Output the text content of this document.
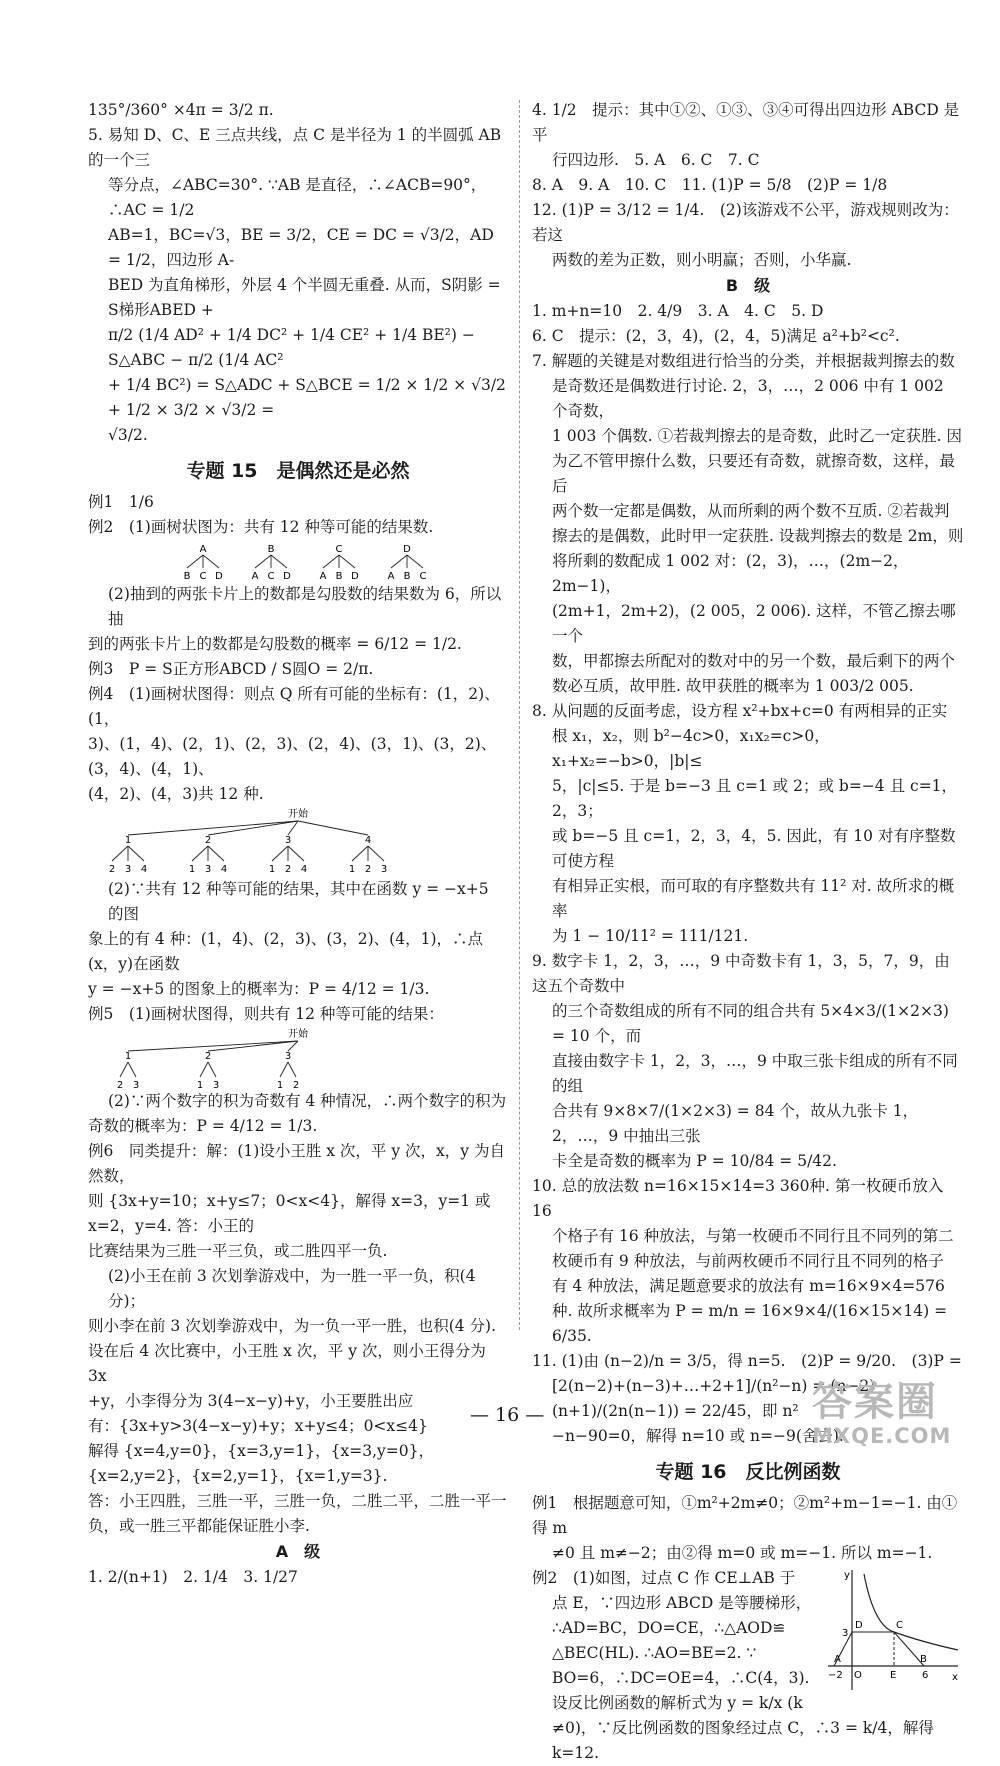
135°/360° ×4π = 3/2 π.
5. 易知 D、C、E 三点共线，点 C 是半径为 1 的半圆弧 AB 的一个三
等分点，∠ABC=30°. ∵AB 是直径，∴∠ACB=90°，∴AC = 1/2
AB=1，BC=√3，BE = 3/2，CE = DC = √3/2，AD = 1/2，四边形 A-
BED 为直角梯形，外层 4 个半圆无重叠. 从而，S阴影 = S梯形ABED +
π/2 (1/4 AD² + 1/4 DC² + 1/4 CE² + 1/4 BE²) − S△ABC − π/2 (1/4 AC²
+ 1/4 BC²) = S△ADC + S△BCE = 1/2 × 1/2 × √3/2 + 1/2 × 3/2 × √3/2 =
√3/2.
专题 15　是偶然还是必然
例1　1/6
例2　(1)画树状图为：共有 12 种等可能的结果数.
A
B C D
B
A C D
C
A B D
D
A B C
(2)抽到的两张卡片上的数都是勾股数的结果数为 6，所以抽
到的两张卡片上的数都是勾股数的概率 = 6/12 = 1/2.
例3　P = S正方形ABCD / S圆O = 2/π.
例4　(1)画树状图得：则点 Q 所有可能的坐标有：(1，2)、(1，
3)、(1，4)、(2，1)、(2，3)、(2，4)、(3，1)、(3，2)、(3，4)、(4，1)、
(4，2)、(4，3)共 12 种.
开始
1
2 3 4
2
1 3 4
3
1 2 4
4
1 2 3
(2)∵共有 12 种等可能的结果，其中在函数 y = −x+5 的图
象上的有 4 种：(1，4)、(2，3)、(3，2)、(4，1)，∴点(x，y)在函数
y = −x+5 的图象上的概率为：P = 4/12 = 1/3.
例5　(1)画树状图得，则共有 12 种等可能的结果：
开始
1
2 3
2
1 3
3
1 2
(2)∵两个数字的积为奇数有 4 种情况，∴两个数字的积为
奇数的概率为：P = 4/12 = 1/3.
例6　同类提升：解：(1)设小王胜 x 次，平 y 次，x，y 为自然数，
则 {3x+y=10；x+y≤7；0<x<4}，解得 x=3，y=1 或 x=2，y=4. 答：小王的
比赛结果为三胜一平三负，或二胜四平一负.
(2)小王在前 3 次划拳游戏中，为一胜一平一负，积(4 分)；
则小李在前 3 次划拳游戏中，为一负一平一胜，也积(4 分).
设在后 4 次比赛中，小王胜 x 次，平 y 次，则小王得分为 3x
+y，小李得分为 3(4−x−y)+y，小王要胜出应
有：{3x+y>3(4−x−y)+y；x+y≤4；0<x≤4}
解得 {x=4,y=0}，{x=3,y=1}，{x=3,y=0}，{x=2,y=2}，{x=2,y=1}，{x=1,y=3}.
答：小王四胜，三胜一平，三胜一负，二胜二平，二胜一平一
负，或一胜三平都能保证胜小李.
A　级
1. 2/(n+1)　2. 1/4　3. 1/27
4. 1/2　提示：其中①②、①③、③④可得出四边形 ABCD 是平
行四边形.　5. A　6. C　7. C
8. A　9. A　10. C　11. (1)P = 5/8　(2)P = 1/8
12. (1)P = 3/12 = 1/4.　(2)该游戏不公平，游戏规则改为：若这
两数的差为正数，则小明赢；否则，小华赢.
B　级
1. m+n=10　2. 4/9　3. A　4. C　5. D
6. C　提示：(2，3，4)，(2，4，5)满足 a²+b²<c².
7. 解题的关键是对数组进行恰当的分类，并根据裁判擦去的数
是奇数还是偶数进行讨论. 2，3，…，2 006 中有 1 002 个奇数，
1 003 个偶数. ①若裁判擦去的是奇数，此时乙一定获胜. 因
为乙不管甲擦什么数，只要还有奇数，就擦奇数，这样，最后
两个数一定都是偶数，从而所剩的两个数不互质. ②若裁判
擦去的是偶数，此时甲一定获胜. 设裁判擦去的数是 2m，则
将所剩的数配成 1 002 对：(2，3)，…，(2m−2，2m−1)，
(2m+1，2m+2)，(2 005，2 006). 这样，不管乙擦去哪一个
数，甲都擦去所配对的数对中的另一个数，最后剩下的两个
数必互质，故甲胜. 故甲获胜的概率为 1 003/2 005.
8. 从问题的反面考虑，设方程 x²+bx+c=0 有两相异的正实
根 x₁，x₂，则 b²−4c>0，x₁x₂=c>0，x₁+x₂=−b>0，|b|≤
5，|c|≤5. 于是 b=−3 且 c=1 或 2；或 b=−4 且 c=1，2，3；
或 b=−5 且 c=1，2，3，4，5. 因此，有 10 对有序整数可使方程
有相异正实根，而可取的有序整数共有 11² 对. 故所求的概率
为 1 − 10/11² = 111/121.
9. 数字卡 1，2，3，…，9 中奇数卡有 1，3，5，7，9，由这五个奇数中
的三个奇数组成的所有不同的组合共有 5×4×3/(1×2×3) = 10 个，而
直接由数字卡 1，2，3，…，9 中取三张卡组成的所有不同的组
合共有 9×8×7/(1×2×3) = 84 个，故从九张卡 1，2，…，9 中抽出三张
卡全是奇数的概率为 P = 10/84 = 5/42.
10. 总的放法数 n=16×15×14=3 360种. 第一枚硬币放入 16
个格子有 16 种放法，与第一枚硬币不同行且不同列的第二
枚硬币有 9 种放法，与前两枚硬币不同行且不同列的格子
有 4 种放法，满足题意要求的放法有 m=16×9×4=576
种. 故所求概率为 P = m/n = 16×9×4/(16×15×14) = 6/35.
11. (1)由 (n−2)/n = 3/5，得 n=5.　(2)P = 9/20.　(3)P =
[2(n−2)+(n−3)+…+2+1]/(n²−n) = (n−2)(n+1)/(2n(n−1)) = 22/45，即 n²
−n−90=0，解得 n=10 或 n=−9(舍去).
专题 16　反比例函数
例1　根据题意可知，①m²+2m≠0；②m²+m−1=−1. 由①得 m
≠0 且 m≠−2；由②得 m=0 或 m=−1. 所以 m=−1.
例2　(1)如图，过点 C 作 CE⊥AB 于
点 E，∵四边形 ABCD 是等腰梯形，
∴AD=BC，DO=CE，∴△AOD≌
△BEC(HL). ∴AO=BE=2. ∵
BO=6，∴DC=OE=4，∴C(4，3).
设反比例函数的解析式为 y = k/x (k
≠0)，∵反比例函数的图象经过点 C，∴3 = k/4，解得 k=12.
y
x
D	C
3
A
O	E
B
−2	6
— 16 —	答案圈
MXQE.COM
